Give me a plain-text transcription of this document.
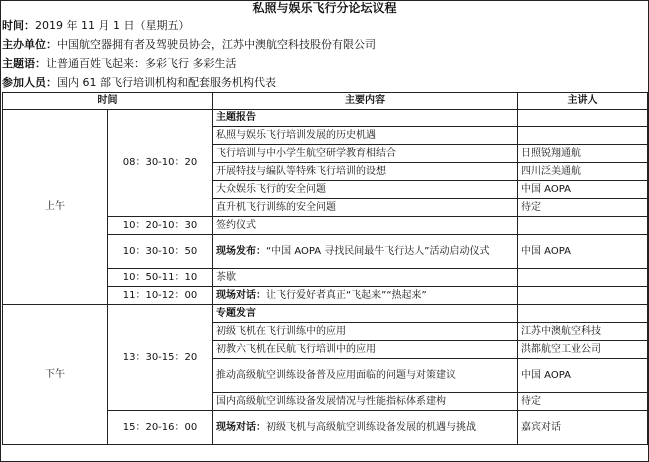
私照与娱乐飞行分论坛议程
时间：2019 年 11 月 1 日（星期五）
主办单位：中国航空器拥有者及驾驶员协会，江苏中澳航空科技股份有限公司
主题语：让普通百姓飞起来：多彩飞行 多彩生活
参加人员：国内 61 部飞行培训机构和配套服务机构代表
时间		主要内容	主讲人
上午	08：30-10：20	主题报告	
		私照与娱乐飞行培训发展的历史机遇	
		飞行培训与中小学生航空研学教育相结合	日照锐翔通航
		开展特技与编队等特殊飞行培训的设想	四川泛美通航
		大众娱乐飞行的安全问题	中国 AOPA
		直升机飞行训练的安全问题	待定
	10：20-10：30	签约仪式	
	10：30-10：50	现场发布：“中国 AOPA 寻找民间最牛飞行达人”活动启动仪式	中国 AOPA
	10：50-11：10	茶歇	
	11：10-12：00	现场对话：让飞行爱好者真正“飞起来”“热起来”	
下午	13：30-15：20	专题发言	
		初级飞机在飞行训练中的应用	江苏中澳航空科技
		初教六飞机在民航飞行培训中的应用	洪都航空工业公司
		推动高级航空训练设备普及应用面临的问题与对策建议	中国 AOPA
		国内高级航空训练设备发展情况与性能指标体系建构	待定
	15：20-16：00	现场对话：初级飞机与高级航空训练设备发展的机遇与挑战	嘉宾对话
